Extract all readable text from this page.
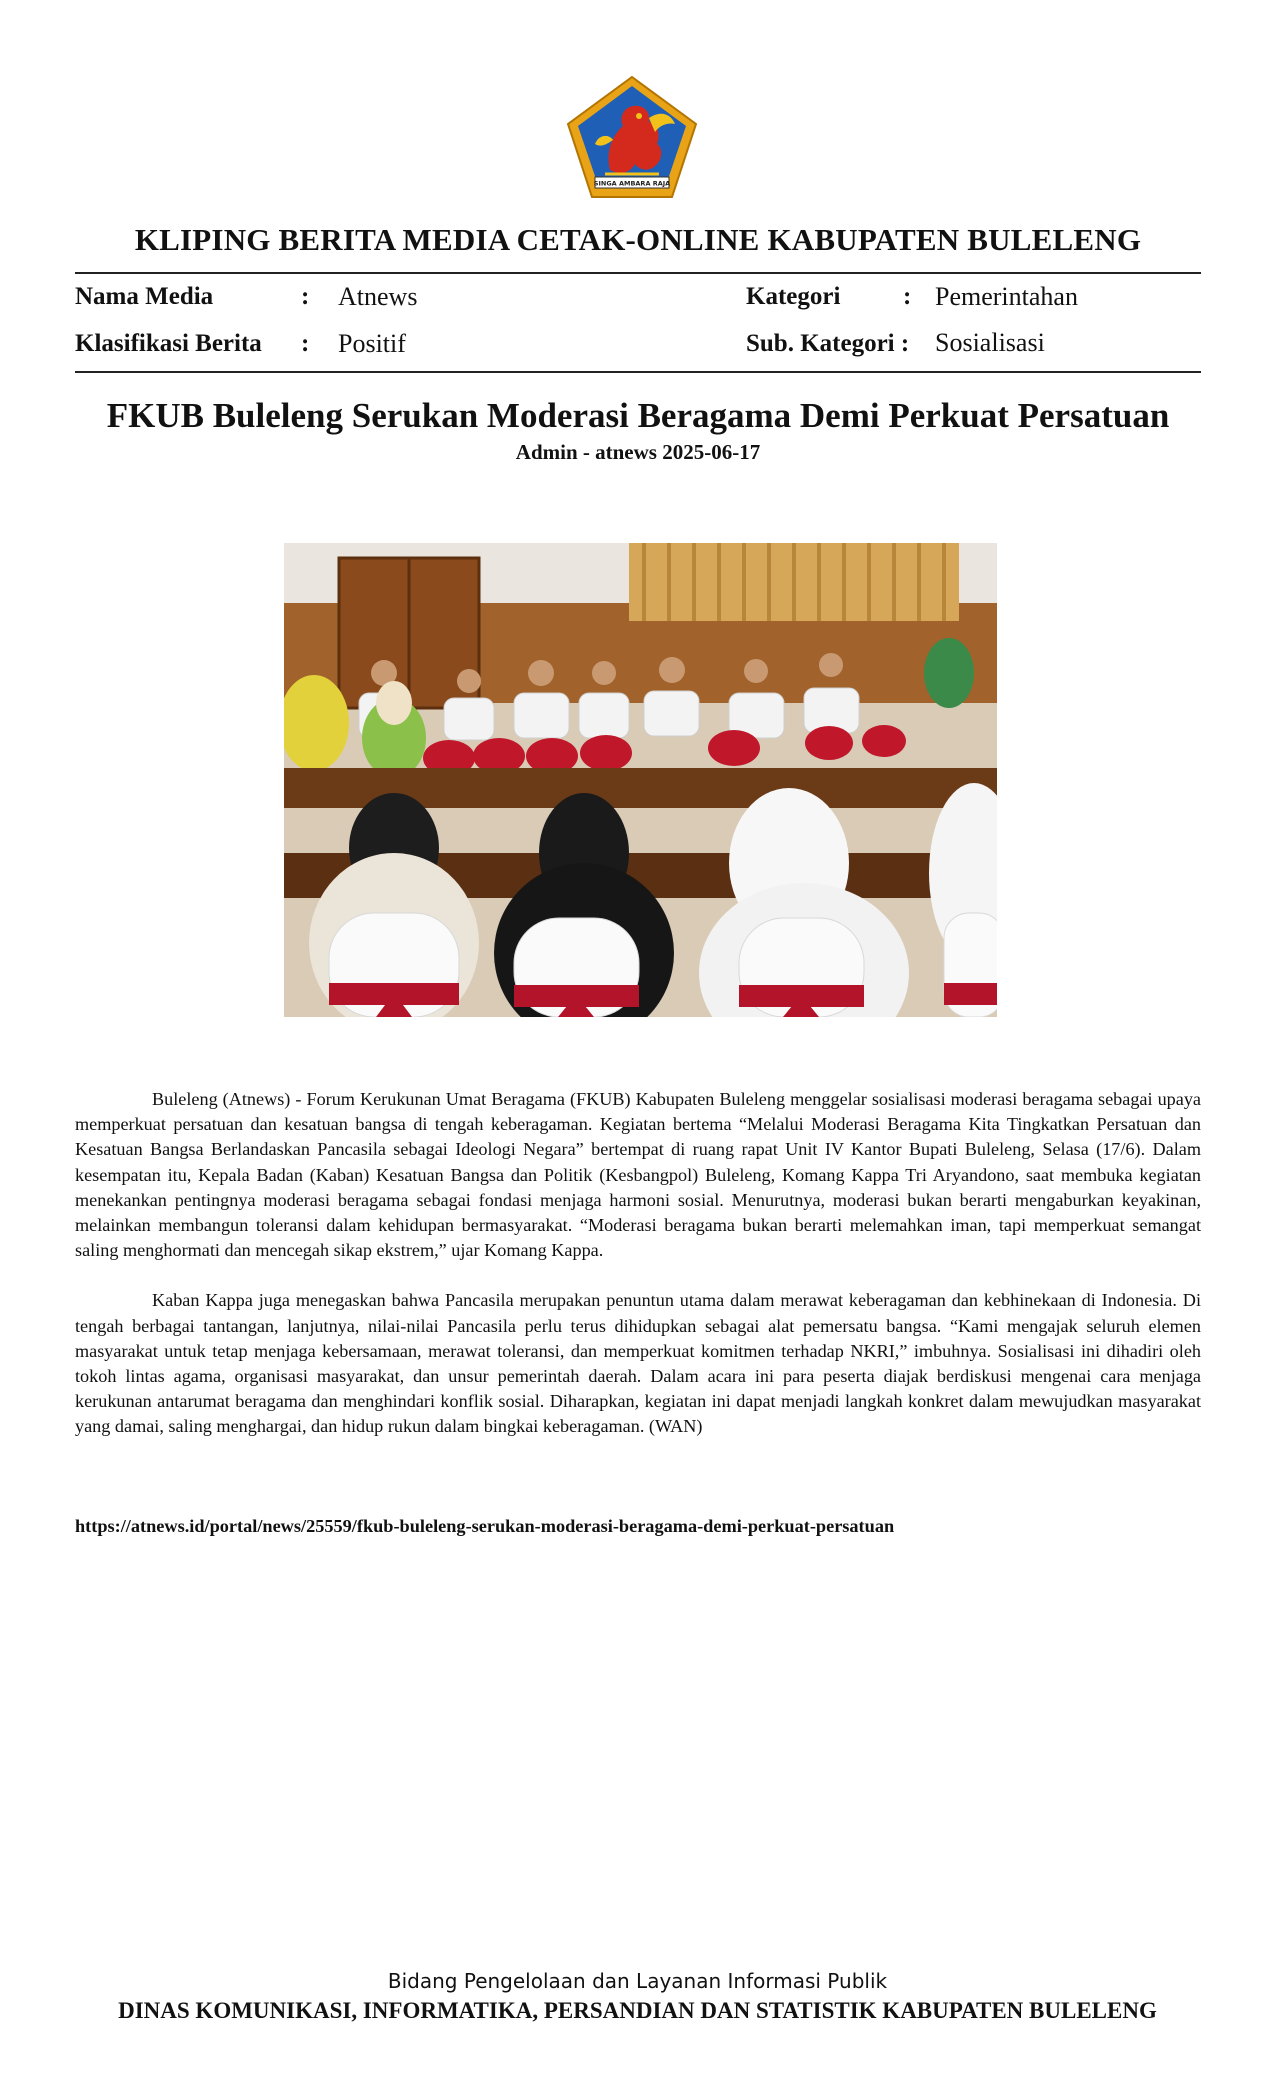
SINGA AMBARA RAJA
KLIPING BERITA MEDIA CETAK-ONLINE KABUPATEN BULELENG
Nama Media	: Atnews	Kategori	: Pemerintahan
Klasifikasi Berita : Positif	Sub. Kategori : Sosialisasi
FKUB Buleleng Serukan Moderasi Beragama Demi Perkuat Persatuan
Admin - atnews 2025-06-17

Buleleng (Atnews) - Forum Kerukunan Umat Beragama (FKUB) Kabupaten Buleleng menggelar sosialisasi moderasi beragama sebagai upaya memperkuat persatuan dan kesatuan bangsa di tengah keberagaman. Kegiatan bertema “Melalui Moderasi Beragama Kita Tingkatkan Persatuan dan Kesatuan Bangsa Berlandaskan Pancasila sebagai Ideologi Negara” bertempat di ruang rapat Unit IV Kantor Bupati Buleleng, Selasa (17/6). Dalam kesempatan itu, Kepala Badan (Kaban) Kesatuan Bangsa dan Politik (Kesbangpol) Buleleng, Komang Kappa Tri Aryandono, saat membuka kegiatan menekankan pentingnya moderasi beragama sebagai fondasi menjaga harmoni sosial. Menurutnya, moderasi bukan berarti mengaburkan keyakinan, melainkan membangun toleransi dalam kehidupan bermasyarakat. “Moderasi beragama bukan berarti melemahkan iman, tapi memperkuat semangat saling menghormati dan mencegah sikap ekstrem,” ujar Komang Kappa.

Kaban Kappa juga menegaskan bahwa Pancasila merupakan penuntun utama dalam merawat keberagaman dan kebhinekaan di Indonesia. Di tengah berbagai tantangan, lanjutnya, nilai-nilai Pancasila perlu terus dihidupkan sebagai alat pemersatu bangsa. “Kami mengajak seluruh elemen masyarakat untuk tetap menjaga kebersamaan, merawat toleransi, dan memperkuat komitmen terhadap NKRI,” imbuhnya. Sosialisasi ini dihadiri oleh tokoh lintas agama, organisasi masyarakat, dan unsur pemerintah daerah. Dalam acara ini para peserta diajak berdiskusi mengenai cara menjaga kerukunan antarumat beragama dan menghindari konflik sosial. Diharapkan, kegiatan ini dapat menjadi langkah konkret dalam mewujudkan masyarakat yang damai, saling menghargai, dan hidup rukun dalam bingkai keberagaman. (WAN)

https://atnews.id/portal/news/25559/fkub-buleleng-serukan-moderasi-beragama-demi-perkuat-persatuan
Bidang Pengelolaan dan Layanan Informasi Publik
DINAS KOMUNIKASI, INFORMATIKA, PERSANDIAN DAN STATISTIK KABUPATEN BULELENG
